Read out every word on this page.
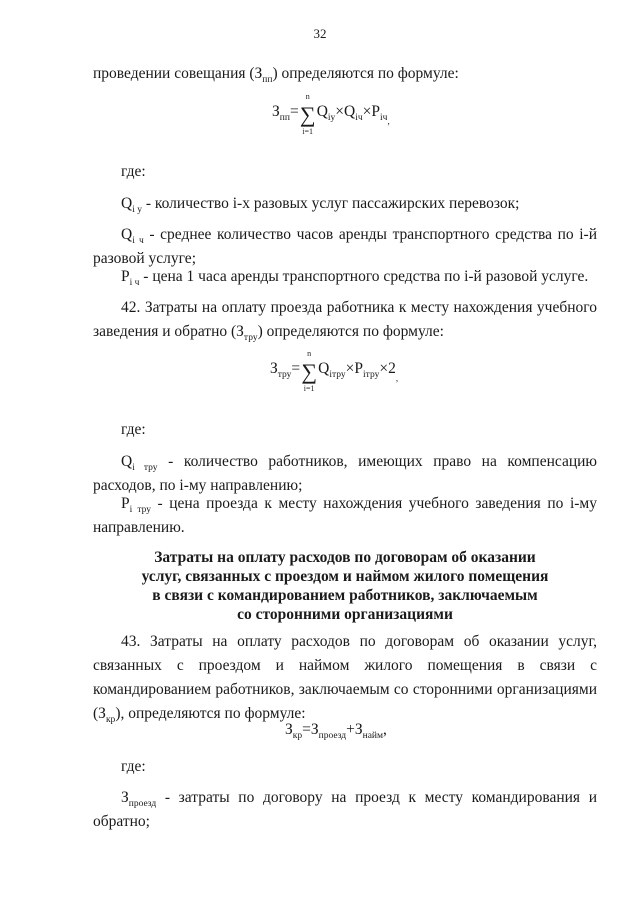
32
проведении совещания $(З_{пп})$ определяются по формуле:
$З_{пп}=$
n
∑
i=1
$Q_{iу}\times Q_{iч}\times P_{iч}$,
где:
$Q_{i у}$ - количество i-х разовых услуг пассажирских перевозок;
$Q_{i ч}$ - среднее количество часов аренды транспортного средства по i-й разовой услуге;
$P_{i ч}$ - цена 1 часа аренды транспортного средства по i-й разовой услуге.
42. Затраты на оплату проезда работника к месту нахождения учебного заведения и обратно $(З_{тру})$ определяются по формуле:
$З_{тру}=$
n
∑
i=1
$Q_{iтру}\times P_{iтру}\times 2$,
где:
$Q_{i тру}$ - количество работников, имеющих право на компенсацию расходов, по i-му направлению;
$P_{i тру}$ - цена проезда к месту нахождения учебного заведения по i-му направлению.
Затраты на оплату расходов по договорам об оказании
услуг, связанных с проездом и наймом жилого помещения
в связи с командированием работников, заключаемым
со сторонними организациями
43. Затраты на оплату расходов по договорам об оказании услуг, связанных с проездом и наймом жилого помещения в связи с командированием работников, заключаемым со сторонними организациями $(З_{кр})$, определяются по формуле:
$З_{кр}=З_{проезд}+З_{найм}$,
где:
$З_{проезд}$ - затраты по договору на проезд к месту командирования и обратно;
